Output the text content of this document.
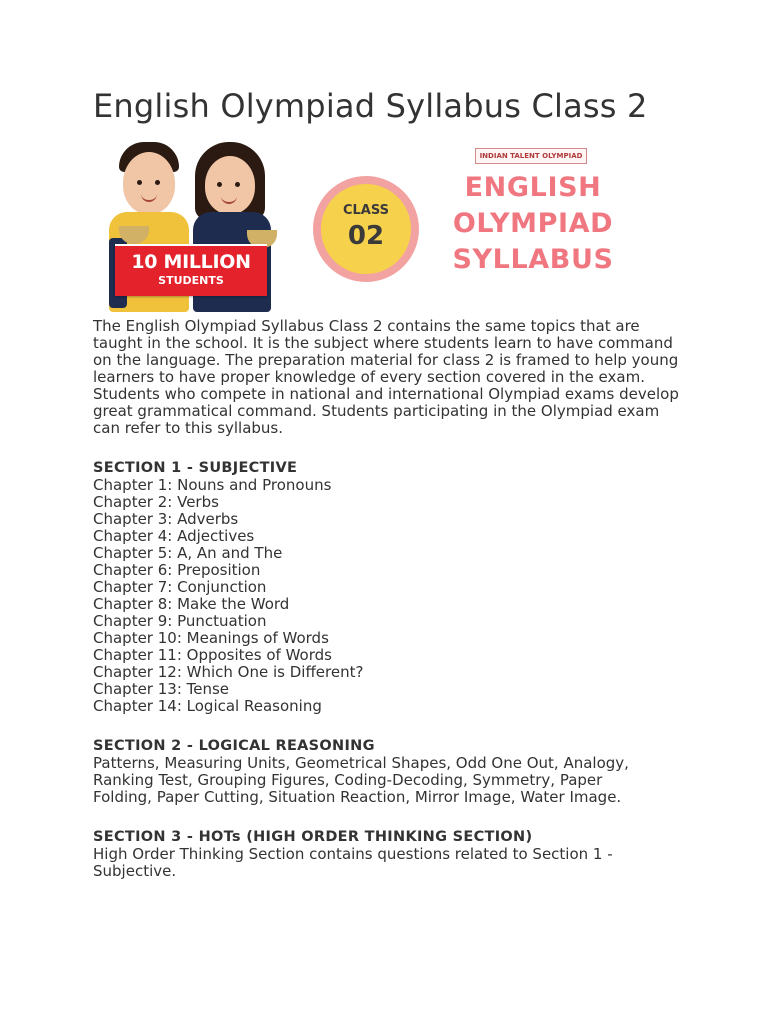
English Olympiad Syllabus Class 2
10 MILLION
STUDENTS
CLASS
02
INDIAN TALENT OLYMPIAD
ENGLISH
OLYMPIAD
SYLLABUS

The English Olympiad Syllabus Class 2 contains the same topics that are taught in the school. It is the subject where students learn to have command on the language. The preparation material for class 2 is framed to help young learners to have proper knowledge of every section covered in the exam. Students who compete in national and international Olympiad exams develop great grammatical command. Students participating in the Olympiad exam can refer to this syllabus.

SECTION 1 - SUBJECTIVE

Chapter 1: Nouns and Pronouns

Chapter 2: Verbs

Chapter 3: Adverbs

Chapter 4: Adjectives

Chapter 5: A, An and The

Chapter 6: Preposition

Chapter 7: Conjunction

Chapter 8: Make the Word

Chapter 9: Punctuation

Chapter 10: Meanings of Words

Chapter 11: Opposites of Words

Chapter 12: Which One is Different?

Chapter 13: Tense

Chapter 14: Logical Reasoning

SECTION 2 - LOGICAL REASONING

Patterns, Measuring Units, Geometrical Shapes, Odd One Out, Analogy, Ranking Test, Grouping Figures, Coding-Decoding, Symmetry, Paper Folding, Paper Cutting, Situation Reaction, Mirror Image, Water Image.

SECTION 3 - HOTs (HIGH ORDER THINKING SECTION)

High Order Thinking Section contains questions related to Section 1 - Subjective.
